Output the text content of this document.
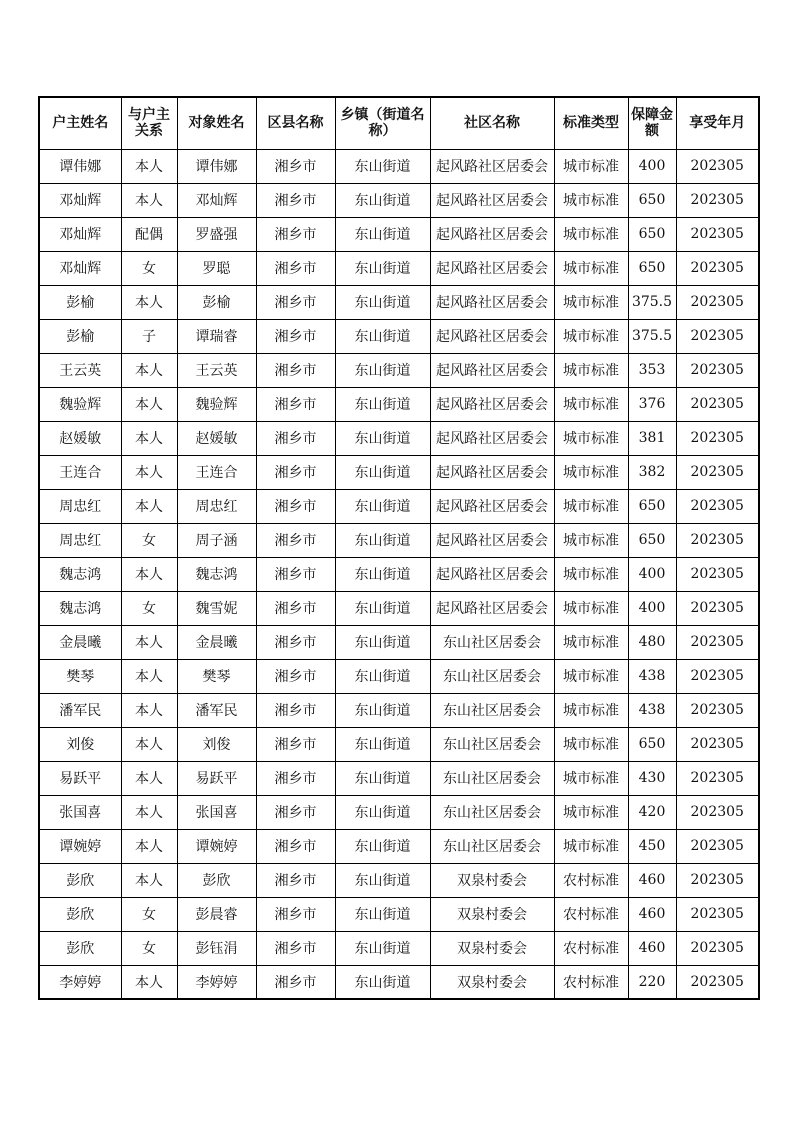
户主姓名	与户主关系	对象姓名	区县名称	乡镇（街道名称）	社区名称	标准类型	保障金额	享受年月
谭伟娜	本人	谭伟娜	湘乡市	东山街道	起风路社区居委会	城市标准	400	202305
邓灿辉	本人	邓灿辉	湘乡市	东山街道	起风路社区居委会	城市标准	650	202305
邓灿辉	配偶	罗盛强	湘乡市	东山街道	起风路社区居委会	城市标准	650	202305
邓灿辉	女	罗聪	湘乡市	东山街道	起风路社区居委会	城市标准	650	202305
彭榆	本人	彭榆	湘乡市	东山街道	起风路社区居委会	城市标准	375.5	202305
彭榆	子	谭瑞睿	湘乡市	东山街道	起风路社区居委会	城市标准	375.5	202305
王云英	本人	王云英	湘乡市	东山街道	起风路社区居委会	城市标准	353	202305
魏验辉	本人	魏验辉	湘乡市	东山街道	起风路社区居委会	城市标准	376	202305
赵媛敏	本人	赵媛敏	湘乡市	东山街道	起风路社区居委会	城市标准	381	202305
王连合	本人	王连合	湘乡市	东山街道	起风路社区居委会	城市标准	382	202305
周忠红	本人	周忠红	湘乡市	东山街道	起风路社区居委会	城市标准	650	202305
周忠红	女	周子涵	湘乡市	东山街道	起风路社区居委会	城市标准	650	202305
魏志鸿	本人	魏志鸿	湘乡市	东山街道	起风路社区居委会	城市标准	400	202305
魏志鸿	女	魏雪妮	湘乡市	东山街道	起风路社区居委会	城市标准	400	202305
金晨曦	本人	金晨曦	湘乡市	东山街道	东山社区居委会	城市标准	480	202305
樊琴	本人	樊琴	湘乡市	东山街道	东山社区居委会	城市标准	438	202305
潘军民	本人	潘军民	湘乡市	东山街道	东山社区居委会	城市标准	438	202305
刘俊	本人	刘俊	湘乡市	东山街道	东山社区居委会	城市标准	650	202305
易跃平	本人	易跃平	湘乡市	东山街道	东山社区居委会	城市标准	430	202305
张国喜	本人	张国喜	湘乡市	东山街道	东山社区居委会	城市标准	420	202305
谭婉婷	本人	谭婉婷	湘乡市	东山街道	东山社区居委会	城市标准	450	202305
彭欣	本人	彭欣	湘乡市	东山街道	双泉村委会	农村标准	460	202305
彭欣	女	彭晨睿	湘乡市	东山街道	双泉村委会	农村标准	460	202305
彭欣	女	彭钰涓	湘乡市	东山街道	双泉村委会	农村标准	460	202305
李婷婷	本人	李婷婷	湘乡市	东山街道	双泉村委会	农村标准	220	202305
